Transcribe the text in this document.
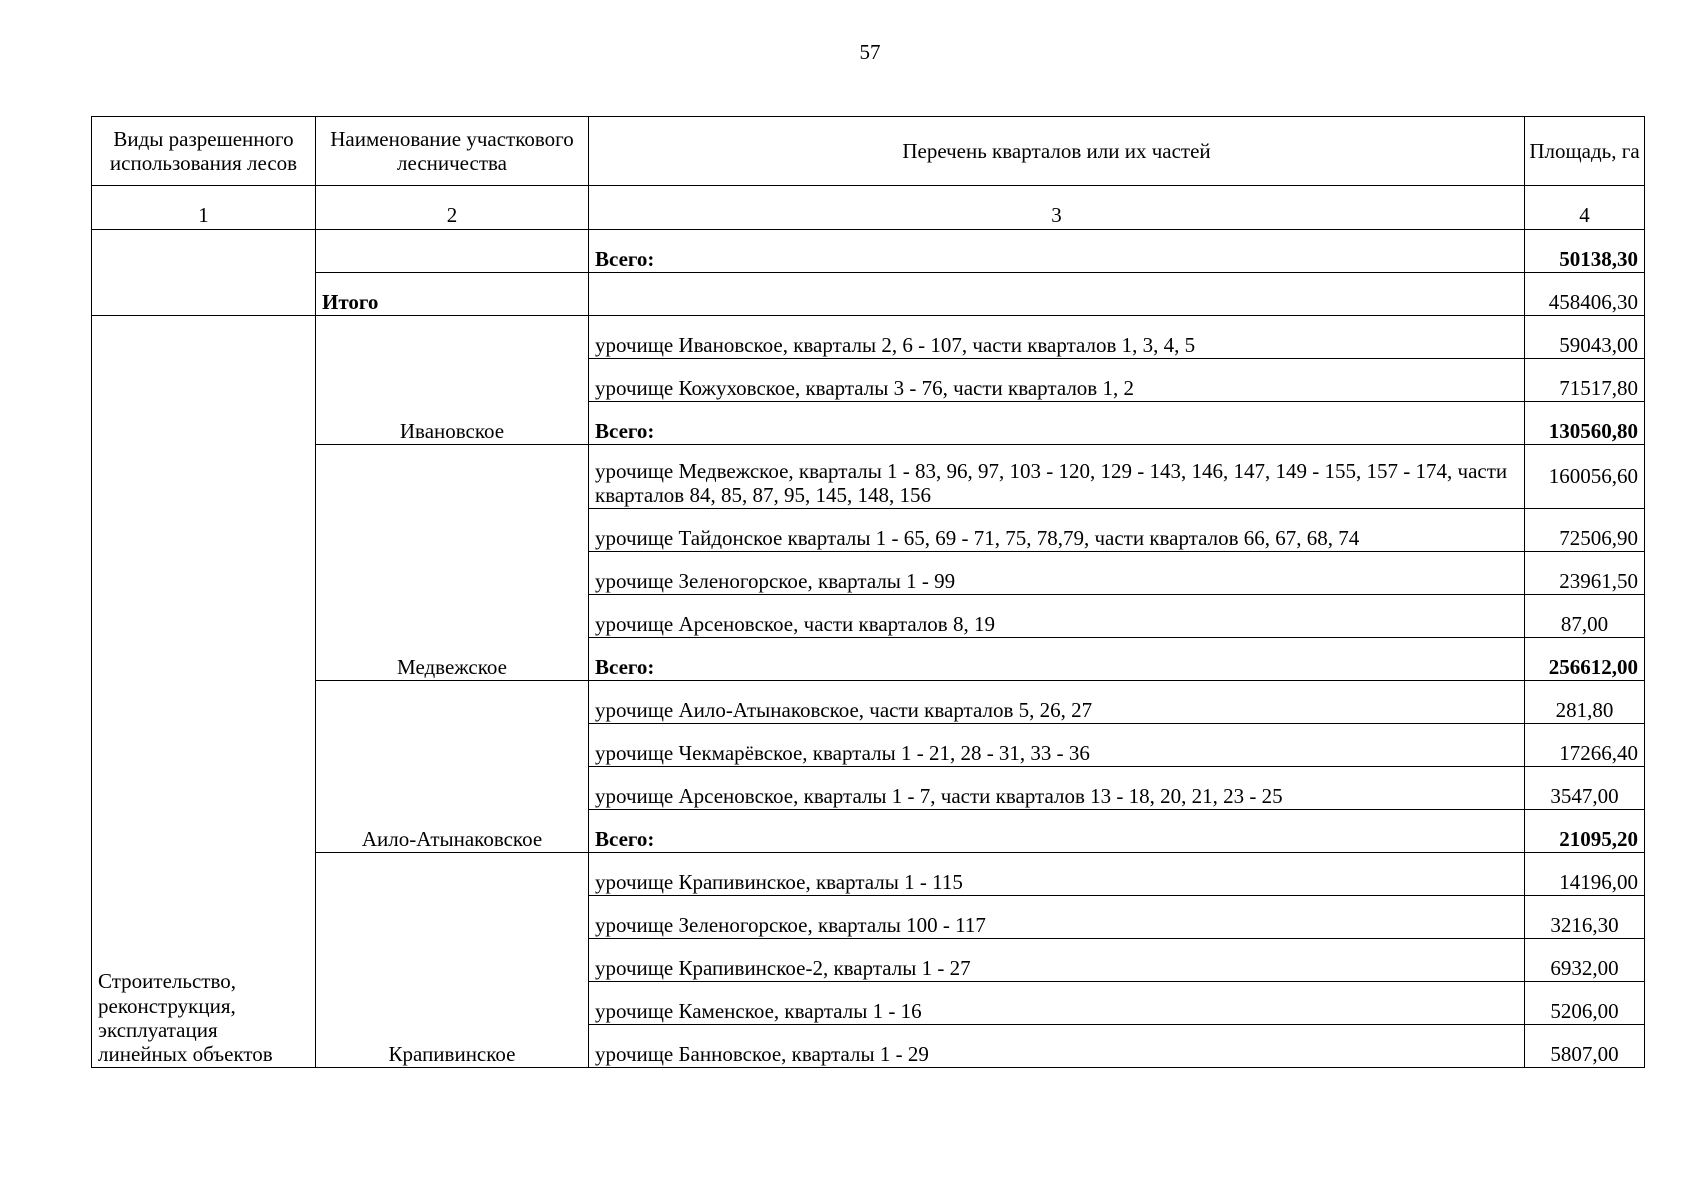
57
Виды разрешенного использования лесов	Наименование участкового лесничества	Перечень кварталов или их частей	Площадь, га
1	2	3	4
		Всего:	50138,30
	Итого		458406,30
Строительство, реконструкция, эксплуатация линейных объектов	Ивановское	урочище Ивановское, кварталы 2, 6 - 107, части кварталов 1, 3, 4, 5	59043,00
		урочище Кожуховское, кварталы 3 - 76, части кварталов 1, 2	71517,80
		Всего:	130560,80
	Медвежское	урочище Медвежское, кварталы 1 - 83, 96, 97, 103 - 120, 129 - 143, 146, 147, 149 - 155, 157 - 174, части кварталов 84, 85, 87, 95, 145, 148, 156	160056,60
		урочище Тайдонское кварталы 1 - 65, 69 - 71, 75, 78,79, части кварталов 66, 67, 68, 74	72506,90
		урочище Зеленогорское, кварталы 1 - 99	23961,50
		урочище Арсеновское, части кварталов 8, 19	87,00
		Всего:	256612,00
	Аило-Атынаковское	урочище Аило-Атынаковское, части кварталов 5, 26, 27	281,80
		урочище Чекмарёвское, кварталы 1 - 21, 28 - 31, 33 - 36	17266,40
		урочище Арсеновское, кварталы 1 - 7, части кварталов 13 - 18, 20, 21, 23 - 25	3547,00
		Всего:	21095,20
	Крапивинское	урочище Крапивинское, кварталы 1 - 115	14196,00
		урочище Зеленогорское, кварталы 100 - 117	3216,30
		урочище Крапивинское-2, кварталы 1 - 27	6932,00
		урочище Каменское, кварталы 1 - 16	5206,00
		урочище Банновское, кварталы 1 - 29	5807,00
